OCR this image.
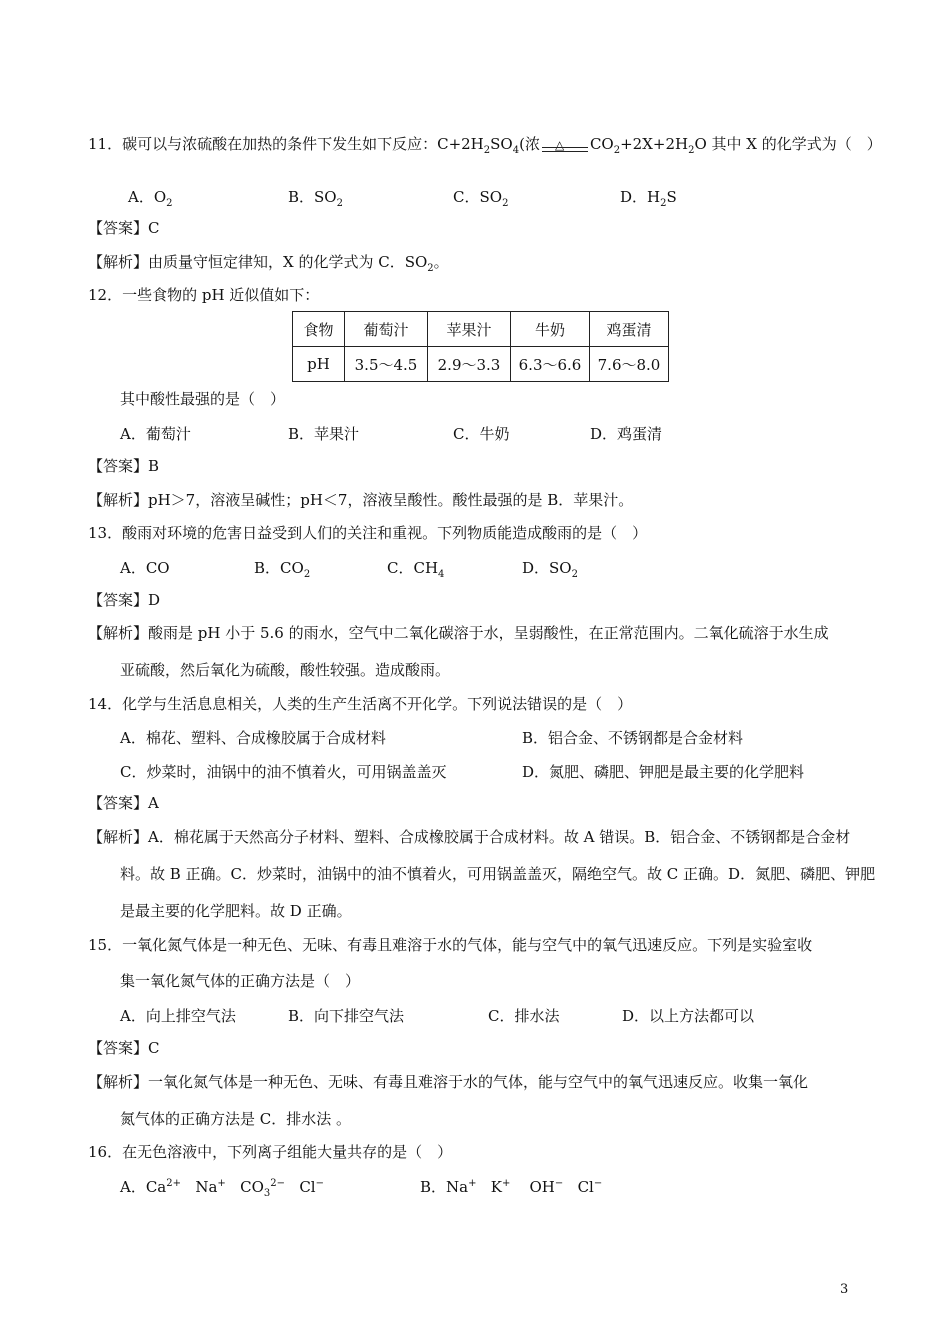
11．碳可以与浓硫酸在加热的条件下发生如下反应：$C+2H_2SO_4$(浓 △ $CO_2+2X+2H_2O$ 其中 X 的化学式为（　）
A．$O_2$	B．$SO_2$	C．$SO_2$	D．$H_2S$
【答案】C
【解析】由质量守恒定律知，X 的化学式为 C．$SO_2$。
12．一些食物的 pH 近似值如下：
食物	葡萄汁	苹果汁	牛奶	鸡蛋清
pH	3.5～4.5	2.9～3.3	6.3～6.6	7.6～8.0
其中酸性最强的是（　）
A．葡萄汁	B．苹果汁	C．牛奶	D．鸡蛋清
【答案】B
【解析】pH＞7，溶液呈碱性；pH＜7，溶液呈酸性。酸性最强的是 B．苹果汁。
13．酸雨对环境的危害日益受到人们的关注和重视。下列物质能造成酸雨的是（　）
A．CO	B．$CO_2$	C．$CH_4$	D．$SO_2$
【答案】D
【解析】酸雨是 pH 小于 5.6 的雨水，空气中二氧化碳溶于水，呈弱酸性，在正常范围内。二氧化硫溶于水生成
亚硫酸，然后氧化为硫酸，酸性较强。造成酸雨。
14．化学与生活息息相关，人类的生产生活离不开化学。下列说法错误的是（　）
A．棉花、塑料、合成橡胶属于合成材料	B．铝合金、不锈钢都是合金材料
C．炒菜时，油锅中的油不慎着火，可用锅盖盖灭	D．氮肥、磷肥、钾肥是最主要的化学肥料
【答案】A
【解析】A．棉花属于天然高分子材料、塑料、合成橡胶属于合成材料。故 A 错误。B．铝合金、不锈钢都是合金材
料。故 B 正确。C．炒菜时，油锅中的油不慎着火，可用锅盖盖灭，隔绝空气。故 C 正确。D．氮肥、磷肥、钾肥
是最主要的化学肥料。故 D 正确。
15．一氧化氮气体是一种无色、无味、有毒且难溶于水的气体，能与空气中的氧气迅速反应。下列是实验室收
集一氧化氮气体的正确方法是（　）
A．向上排空气法	B．向下排空气法	C．排水法	D．以上方法都可以
【答案】C
【解析】一氧化氮气体是一种无色、无味、有毒且难溶于水的气体，能与空气中的氧气迅速反应。收集一氧化
氮气体的正确方法是 C．排水法 。
16．在无色溶液中，下列离子组能大量共存的是（　）
A．$Ca^{2+}$ Na+ $CO_3^{2-}$ Cl−	B．Na+ K+ OH− Cl−
3
